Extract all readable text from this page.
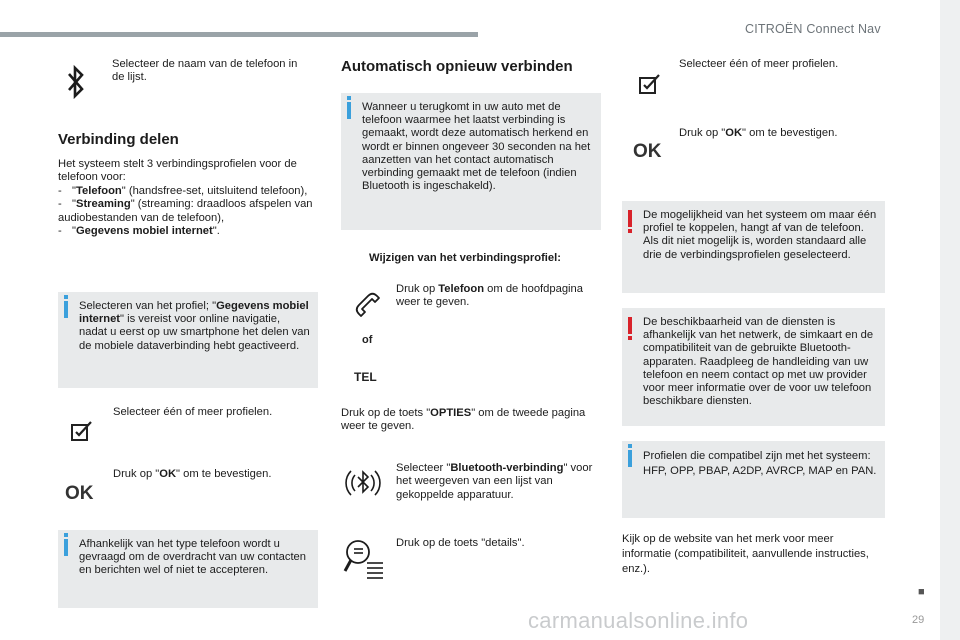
CITROËN Connect Nav
■
29
carmanualsonline.info
Selecteer de naam van de telefoon in de lijst.
Verbinding delen
Het systeem stelt 3 verbindingsprofielen voor de telefoon voor:
- "Telefoon" (handsfree-set, uitsluitend telefoon),
- "Streaming" (streaming: draadloos afspelen van audiobestanden van de telefoon),
- "Gegevens mobiel internet".
Selecteren van het profiel; "Gegevens mobiel internet" is vereist voor online navigatie, nadat u eerst op uw smartphone het delen van de mobiele dataverbinding hebt geactiveerd.
Selecteer één of meer profielen.
OK
Druk op "OK" om te bevestigen.
Afhankelijk van het type telefoon wordt u gevraagd om de overdracht van uw contacten en berichten wel of niet te accepteren.
Automatisch opnieuw verbinden
Wanneer u terugkomt in uw auto met de telefoon waarmee het laatst verbinding is gemaakt, wordt deze automatisch herkend en wordt er binnen ongeveer 30 seconden na het aanzetten van het contact automatisch verbinding gemaakt met de telefoon (indien Bluetooth is ingeschakeld).
Wijzigen van het verbindingsprofiel:
Druk op Telefoon om de hoofdpagina weer te geven.
of
TEL
Druk op de toets "OPTIES" om de tweede pagina weer te geven.
Selecteer "Bluetooth-verbinding" voor het weergeven van een lijst van gekoppelde apparatuur.
Druk op de toets "details".
Selecteer één of meer profielen.
OK
Druk op "OK" om te bevestigen.
De mogelijkheid van het systeem om maar één profiel te koppelen, hangt af van de telefoon.
Als dit niet mogelijk is, worden standaard alle drie de verbindingsprofielen geselecteerd.
De beschikbaarheid van de diensten is afhankelijk van het netwerk, de simkaart en de compatibiliteit van de gebruikte Bluetooth-apparaten. Raadpleeg de handleiding van uw telefoon en neem contact op met uw provider voor meer informatie over de voor uw telefoon beschikbare diensten.
Profielen die compatibel zijn met het systeem: HFP, OPP, PBAP, A2DP, AVRCP, MAP en PAN.
Kijk op de website van het merk voor meer informatie (compatibiliteit, aanvullende instructies, enz.).
